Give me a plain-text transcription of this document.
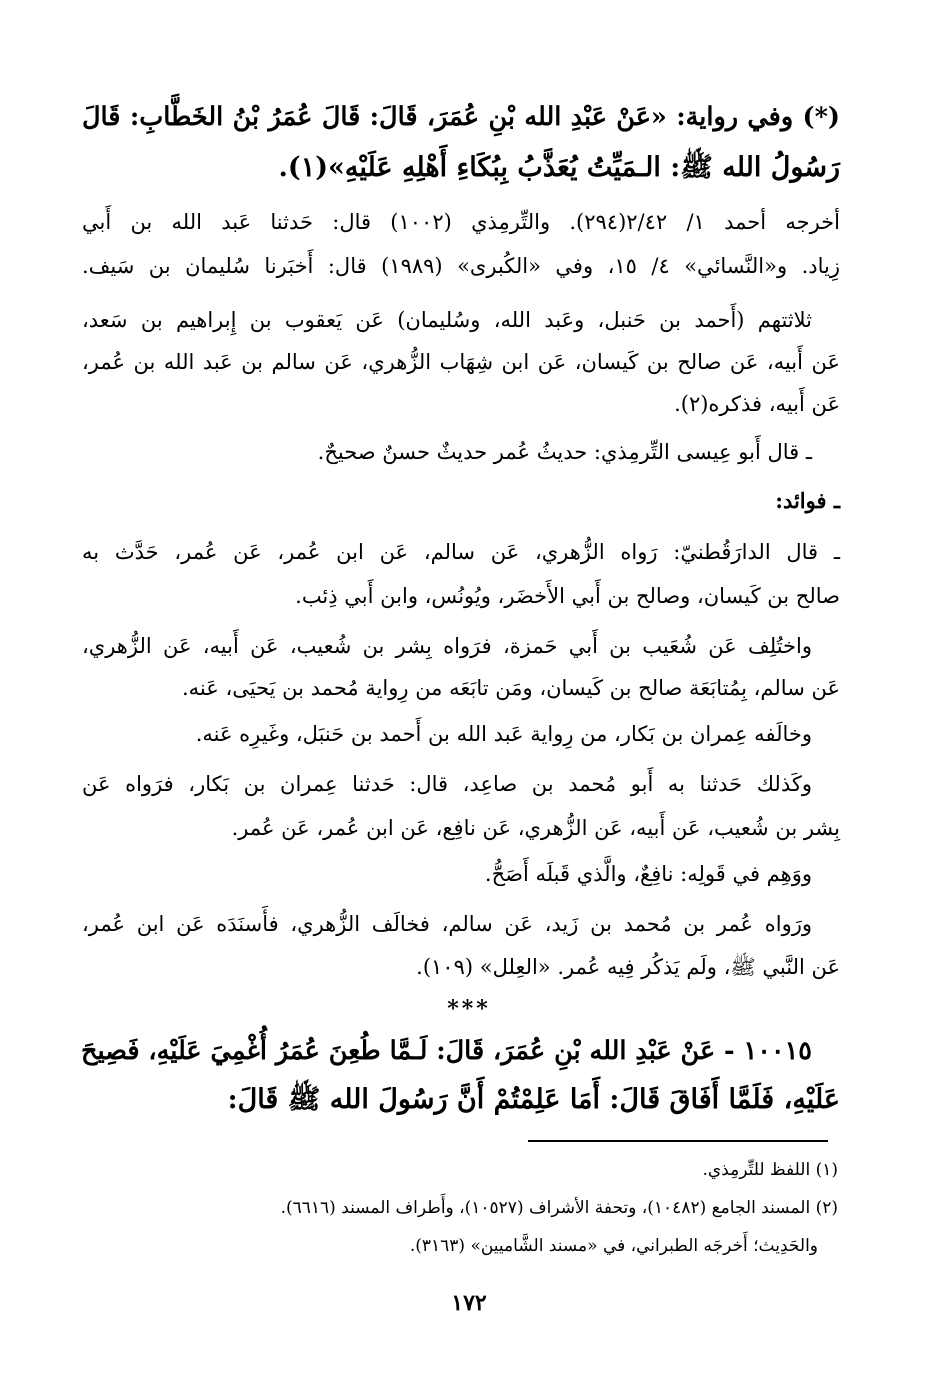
(*) وفي رواية: «عَنْ عَبْدِ الله بْنِ عُمَرَ، قَالَ: قَالَ عُمَرُ بْنُ الخَطَّابِ: قَالَ
رَسُولُ الله ﷺ: الـمَيِّتُ يُعَذَّبُ بِبُكَاءِ أَهْلِهِ عَلَيْهِ»(١).
أخرجه أحمد ١/ ٢/٤٢(٢٩٤). والتِّرمِذي (١٠٠٢) قال: حَدثنا عَبد الله بن أَبي
زِياد. و«النَّسائي» ٤/ ١٥، وفي «الكُبرى» (١٩٨٩) قال: أَخبَرنا سُليمان بن سَيف.
ثلاثتهم (أَحمد بن حَنبل، وعَبد الله، وسُليمان) عَن يَعقوب بن إِبراهيم بن سَعد،
عَن أَبيه، عَن صالح بن كَيسان، عَن ابن شِهَاب الزُّهري، عَن سالم بن عَبد الله بن عُمر،
عَن أَبيه، فذكره(٢).
ـ قال أَبو عِيسى التِّرمِذي: حديثُ عُمر حديثٌ حسنٌ صحيحٌ.
ـ فوائد:
ـ قال الدارَقُطنيّ: رَواه الزُّهري، عَن سالم، عَن ابن عُمر، عَن عُمر، حَدَّث به
صالح بن كَيسان، وصالح بن أَبي الأَخضَر، ويُونُس، وابن أَبي ذِئب.
واختُلِف عَن شُعَيب بن أَبي حَمزة، فرَواه بِشر بن شُعيب، عَن أَبيه، عَن الزُّهري،
عَن سالم، بِمُتابَعَة صالح بن كَيسان، ومَن تابَعَه من رِواية مُحمد بن يَحيَى، عَنه.
وخالَفه عِمران بن بَكار، من رِواية عَبد الله بن أَحمد بن حَنبَل، وغَيرِه عَنه.
وكَذلك حَدثنا به أَبو مُحمد بن صاعِد، قال: حَدثنا عِمران بن بَكار، فرَواه عَن
بِشر بن شُعيب، عَن أَبيه، عَن الزُّهري، عَن نافِع، عَن ابن عُمر، عَن عُمر.
ووَهِم في قَولِه: نافِعٌ، والَّذي قَبلَه أَصَحُّ.
ورَواه عُمر بن مُحمد بن زَيد، عَن سالم، فخالَف الزُّهري، فأَسنَدَه عَن ابن عُمر،
عَن النَّبي ﷺ، ولَم يَذكُر فِيه عُمر. «العِلل» (١٠٩).
***
١٠٠١٥ - عَنْ عَبْدِ الله بْنِ عُمَرَ، قَالَ: لَـمَّا طُعِنَ عُمَرُ أُغْمِيَ عَلَيْهِ، فَصِيحَ
عَلَيْهِ، فَلَمَّا أَفَاقَ قَالَ: أَمَا عَلِمْتُمْ أَنَّ رَسُولَ الله ﷺ قَالَ:
(١) اللفظ للتِّرمِذي.
(٢) المسند الجامع (١٠٤٨٢)، وتحفة الأشراف (١٠٥٢٧)، وأَطراف المسند (٦٦١٦).
والحَدِيث؛ أَخرجَه الطبراني، في «مسند الشَّاميين» (٣١٦٣).
١٧٢
